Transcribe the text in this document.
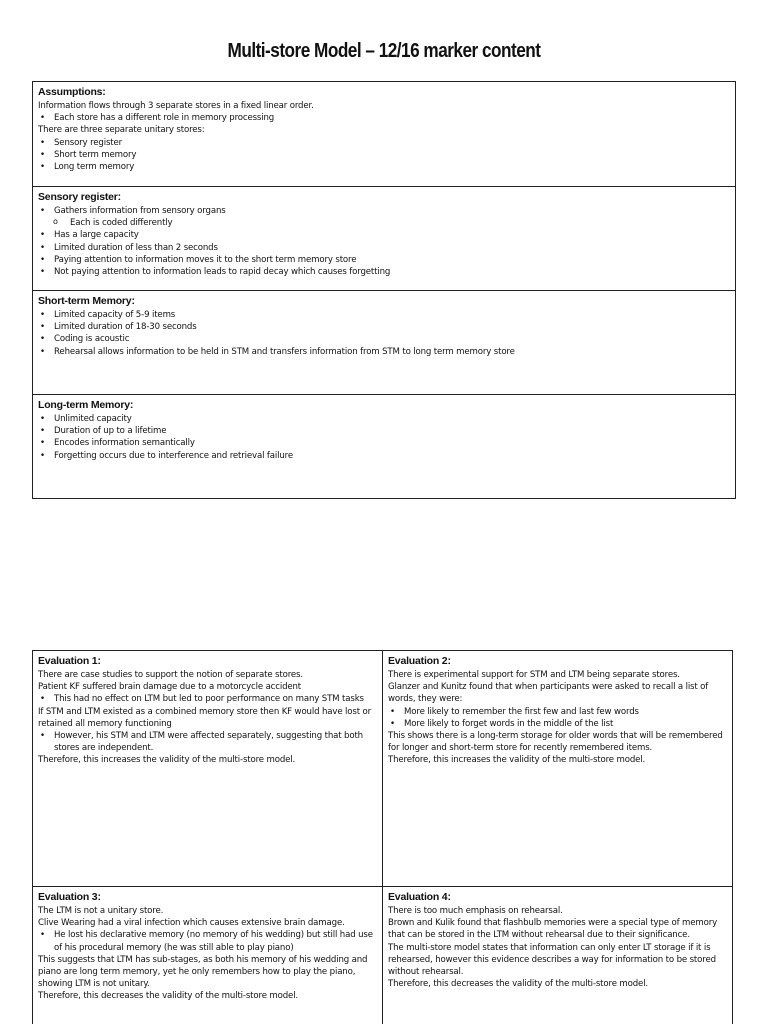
Multi-store Model – 12/16 marker content
Assumptions:
Information flows through 3 separate stores in a fixed linear order.
• Each store has a different role in memory processing
There are three separate unitary stores:
• Sensory register
• Short term memory
• Long term memory
Sensory register:
• Gathers information from sensory organs
o Each is coded differently
• Has a large capacity
• Limited duration of less than 2 seconds
• Paying attention to information moves it to the short term memory store
• Not paying attention to information leads to rapid decay which causes forgetting
Short-term Memory:
• Limited capacity of 5-9 items
• Limited duration of 18-30 seconds
• Coding is acoustic
• Rehearsal allows information to be held in STM and transfers information from STM to long term memory store
Long-term Memory:
• Unlimited capacity
• Duration of up to a lifetime
• Encodes information semantically
• Forgetting occurs due to interference and retrieval failure
Evaluation 1:
There are case studies to support the notion of separate stores.
Patient KF suffered brain damage due to a motorcycle accident
• This had no effect on LTM but led to poor performance on many STM tasks
If STM and LTM existed as a combined memory store then KF would have lost or retained all memory functioning
• However, his STM and LTM were affected separately, suggesting that both stores are independent.
Therefore, this increases the validity of the multi-store model.
Evaluation 2:
There is experimental support for STM and LTM being separate stores.
Glanzer and Kunitz found that when participants were asked to recall a list of words, they were:
• More likely to remember the first few and last few words
• More likely to forget words in the middle of the list
This shows there is a long-term storage for older words that will be remembered for longer and short-term store for recently remembered items.
Therefore, this increases the validity of the multi-store model.
Evaluation 3:
The LTM is not a unitary store.
Clive Wearing had a viral infection which causes extensive brain damage.
• He lost his declarative memory (no memory of his wedding) but still had use of his procedural memory (he was still able to play piano)
This suggests that LTM has sub-stages, as both his memory of his wedding and piano are long term memory, yet he only remembers how to play the piano, showing LTM is not unitary.
Therefore, this decreases the validity of the multi-store model.
Evaluation 4:
There is too much emphasis on rehearsal.
Brown and Kulik found that flashbulb memories were a special type of memory that can be stored in the LTM without rehearsal due to their significance.
The multi-store model states that information can only enter LT storage if it is rehearsed, however this evidence describes a way for information to be stored without rehearsal.
Therefore, this decreases the validity of the multi-store model.
